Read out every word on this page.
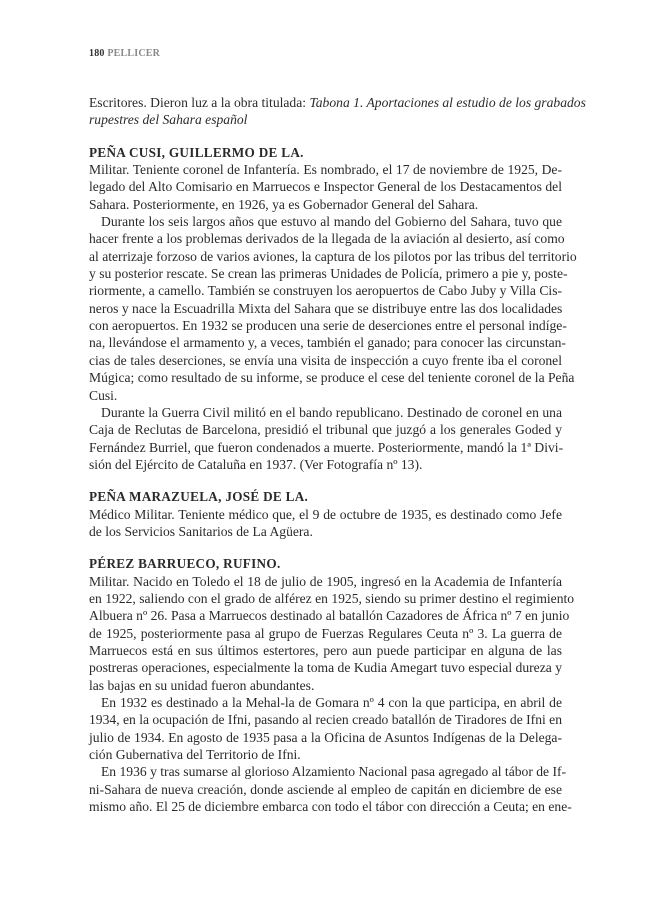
180 PELLICER
Escritores. Dieron luz a la obra titulada: Tabona 1. Aportaciones al estudio de los grabados
rupestres del Sahara español
PEÑA CUSI, GUILLERMO DE LA.
Militar. Teniente coronel de Infantería. Es nombrado, el 17 de noviembre de 1925, De-
legado del Alto Comisario en Marruecos e Inspector General de los Destacamentos del
Sahara. Posteriormente, en 1926, ya es Gobernador General del Sahara.
Durante los seis largos años que estuvo al mando del Gobierno del Sahara, tuvo que
hacer frente a los problemas derivados de la llegada de la aviación al desierto, así como
al aterrizaje forzoso de varios aviones, la captura de los pilotos por las tribus del territorio
y su posterior rescate. Se crean las primeras Unidades de Policía, primero a pie y, poste-
riormente, a camello. También se construyen los aeropuertos de Cabo Juby y Villa Cis-
neros y nace la Escuadrilla Mixta del Sahara que se distribuye entre las dos localidades
con aeropuertos. En 1932 se producen una serie de deserciones entre el personal indíge-
na, llevándose el armamento y, a veces, también el ganado; para conocer las circunstan-
cias de tales deserciones, se envía una visita de inspección a cuyo frente iba el coronel
Múgica; como resultado de su informe, se produce el cese del teniente coronel de la Peña
Cusi.
Durante la Guerra Civil militó en el bando republicano. Destinado de coronel en una
Caja de Reclutas de Barcelona, presidió el tribunal que juzgó a los generales Goded y
Fernández Burriel, que fueron condenados a muerte. Posteriormente, mandó la 1ª Divi-
sión del Ejército de Cataluña en 1937. (Ver Fotografía nº 13).
PEÑA MARAZUELA, JOSÉ DE LA.
Médico Militar. Teniente médico que, el 9 de octubre de 1935, es destinado como Jefe
de los Servicios Sanitarios de La Agüera.
PÉREZ BARRUECO, RUFINO.
Militar. Nacido en Toledo el 18 de julio de 1905, ingresó en la Academia de Infantería
en 1922, saliendo con el grado de alférez en 1925, siendo su primer destino el regimiento
Albuera nº 26. Pasa a Marruecos destinado al batallón Cazadores de África nº 7 en junio
de 1925, posteriormente pasa al grupo de Fuerzas Regulares Ceuta nº 3. La guerra de
Marruecos está en sus últimos estertores, pero aun puede participar en alguna de las
postreras operaciones, especialmente la toma de Kudia Amegart tuvo especial dureza y
las bajas en su unidad fueron abundantes.
En 1932 es destinado a la Mehal-la de Gomara nº 4 con la que participa, en abril de
1934, en la ocupación de Ifni, pasando al recien creado batallón de Tiradores de Ifni en
julio de 1934. En agosto de 1935 pasa a la Oficina de Asuntos Indígenas de la Delega-
ción Gubernativa del Territorio de Ifni.
En 1936 y tras sumarse al glorioso Alzamiento Nacional pasa agregado al tábor de If-
ni-Sahara de nueva creación, donde asciende al empleo de capitán en diciembre de ese
mismo año. El 25 de diciembre embarca con todo el tábor con dirección a Ceuta; en ene-
